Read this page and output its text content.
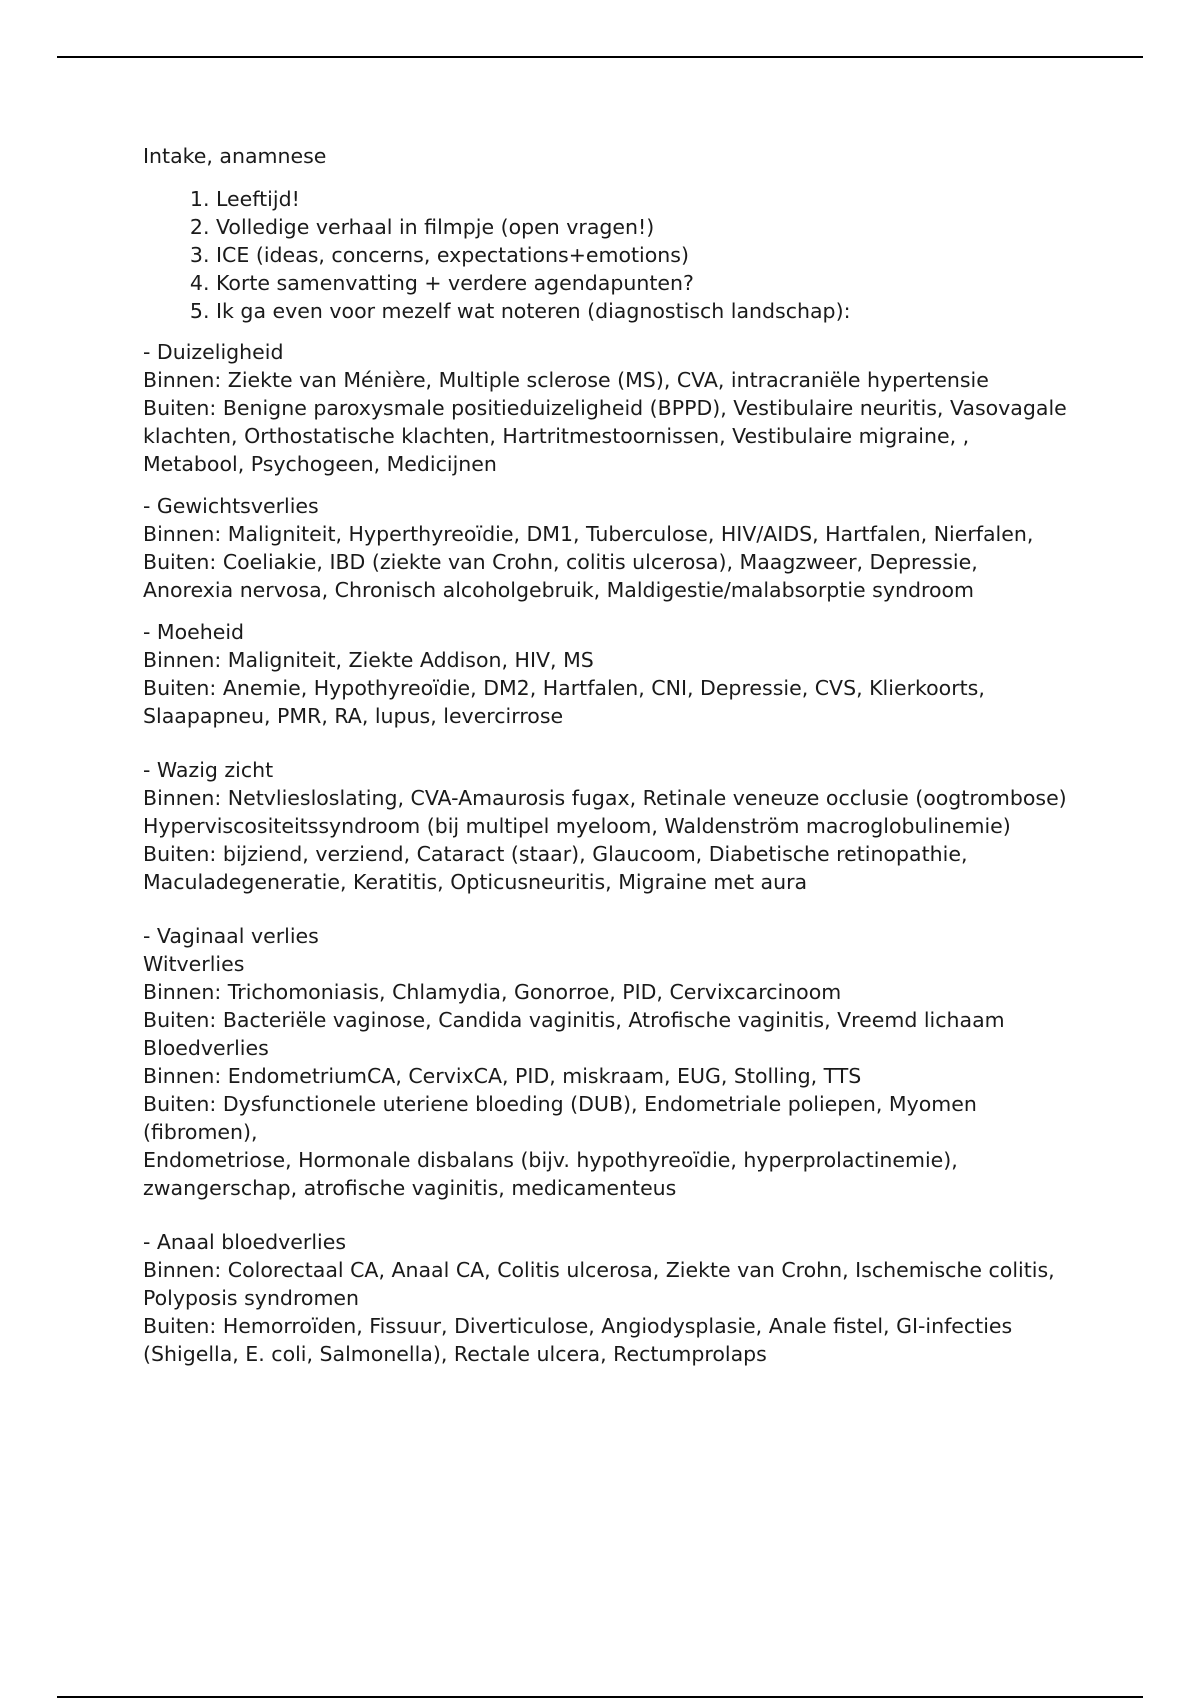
Intake, anamnese

1. Leeftijd!
2. Volledige verhaal in filmpje (open vragen!)
3. ICE (ideas, concerns, expectations+emotions)
4. Korte samenvatting + verdere agendapunten?
5. Ik ga even voor mezelf wat noteren (diagnostisch landschap):

- Duizeligheid

Binnen: Ziekte van Ménière, Multiple sclerose (MS), CVA, intracraniële hypertensie

Buiten: Benigne paroxysmale positieduizeligheid (BPPD), Vestibulaire neuritis, Vasovagale klachten, Orthostatische klachten, Hartritmestoornissen, Vestibulaire migraine, , Metabool, Psychogeen, Medicijnen

- Gewichtsverlies

Binnen: Maligniteit, Hyperthyreoïdie, DM1, Tuberculose, HIV/AIDS, Hartfalen, Nierfalen,

Buiten: Coeliakie, IBD (ziekte van Crohn, colitis ulcerosa), Maagzweer, Depressie, Anorexia nervosa, Chronisch alcoholgebruik, Maldigestie/malabsorptie syndroom

- Moeheid

Binnen: Maligniteit, Ziekte Addison, HIV, MS

Buiten: Anemie, Hypothyreoïdie, DM2, Hartfalen, CNI, Depressie, CVS, Klierkoorts, Slaapapneu, PMR, RA, lupus, levercirrose

- Wazig zicht

Binnen: Netvliesloslating, CVA-Amaurosis fugax, Retinale veneuze occlusie (oogtrombose) Hyperviscositeitssyndroom (bij multipel myeloom, Waldenström macroglobulinemie)

Buiten: bijziend, verziend, Cataract (staar), Glaucoom, Diabetische retinopathie, Maculadegeneratie, Keratitis, Opticusneuritis, Migraine met aura

- Vaginaal verlies

Witverlies

Binnen: Trichomoniasis, Chlamydia, Gonorroe, PID, Cervixcarcinoom

Buiten: Bacteriële vaginose, Candida vaginitis, Atrofische vaginitis, Vreemd lichaam

Bloedverlies

Binnen: EndometriumCA, CervixCA, PID, miskraam, EUG, Stolling, TTS

Buiten: Dysfunctionele uteriene bloeding (DUB), Endometriale poliepen, Myomen (fibromen),

Endometriose, Hormonale disbalans (bijv. hypothyreoïdie, hyperprolactinemie), zwangerschap, atrofische vaginitis, medicamenteus

- Anaal bloedverlies

Binnen: Colorectaal CA, Anaal CA, Colitis ulcerosa, Ziekte van Crohn, Ischemische colitis, Polyposis syndromen

Buiten: Hemorroïden, Fissuur, Diverticulose, Angiodysplasie, Anale fistel, GI-infecties (Shigella, E. coli, Salmonella), Rectale ulcera, Rectumprolaps
